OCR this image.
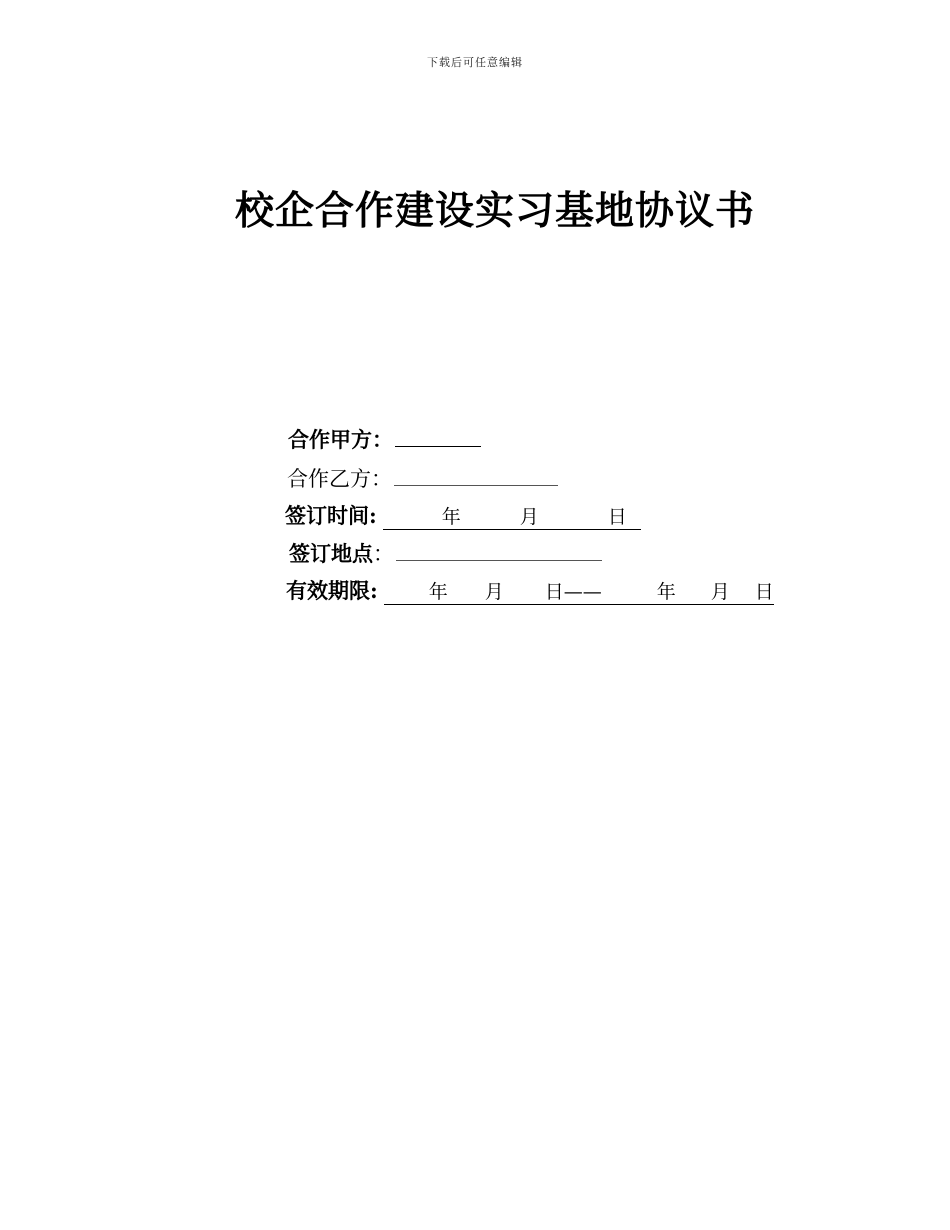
下载后可任意编辑
校企合作建设实习基地协议书
合作甲方：
合作乙方：
签订时间:	年	月	日
签订地点：
有效期限:	年 月 日——	年 月 日
